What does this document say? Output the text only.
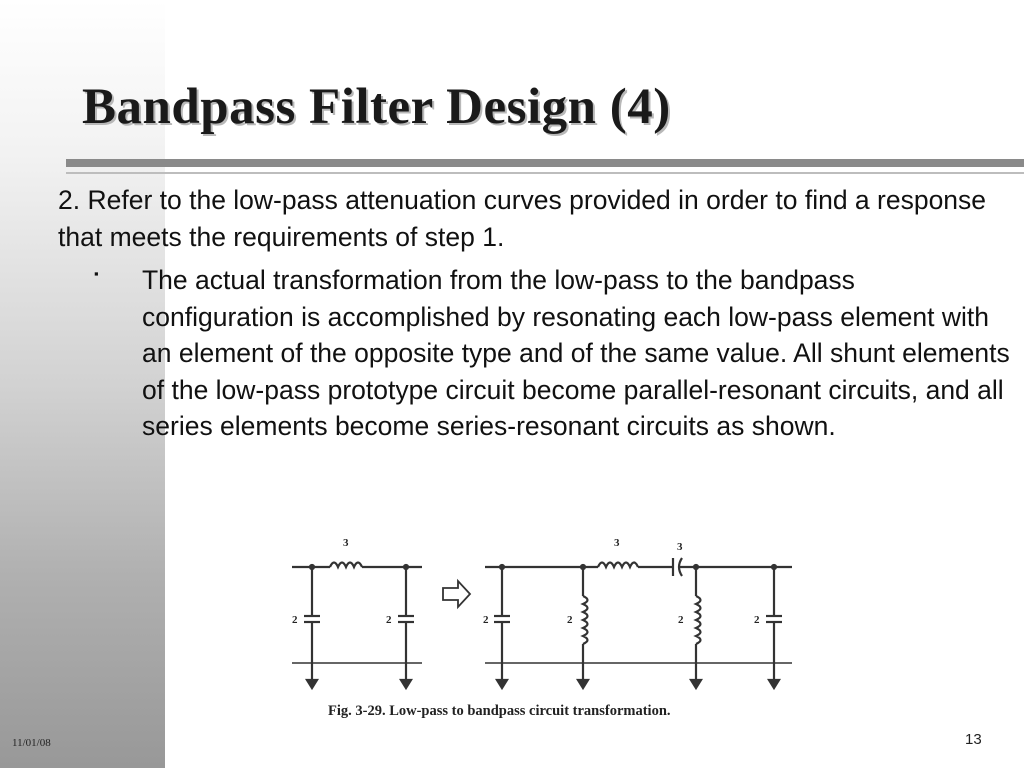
Bandpass Filter Design (4)

2. Refer to the low-pass attenuation curves provided in order to find a response that meets the requirements of step 1.

▪ The actual transformation from the low-pass to the bandpass configuration is accomplished by resonating each low-pass element with an element of the opposite type and of the same value. All shunt elements of the low-pass prototype circuit become parallel-resonant circuits, and all series elements become series-resonant circuits as shown.

3
2	2
3	3
2	2	2	2
Fig. 3-29. Low-pass to bandpass circuit transformation.
11/01/08	13
